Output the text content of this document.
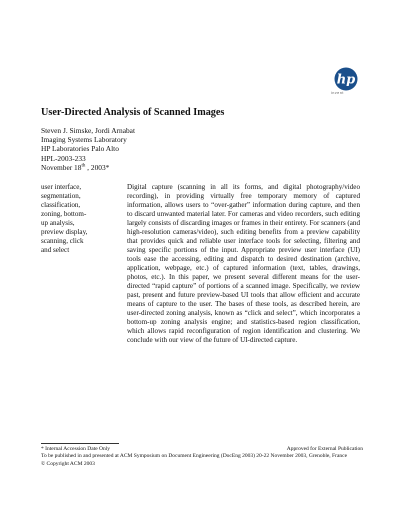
hp
invent
User-Directed Analysis of Scanned Images
Steven J. Simske, Jordi Arnabat
Imaging Systems Laboratory
HP Laboratories Palo Alto
HPL-2003-233
November 18th , 2003*
user interface,
segmentation,
classification,
zoning, bottom-
up analysis,
preview display,
scanning, click
and select
Digital capture (scanning in all its forms, and digital photography/video recording), in providing virtually free temporary memory of captured information, allows users to “over-gather” information during capture, and then to discard unwanted material later. For cameras and video recorders, such editing largely consists of discarding images or frames in their entirety. For scanners (and high-resolution cameras/video), such editing benefits from a preview capability that provides quick and reliable user interface tools for selecting, filtering and saving specific portions of the input. Appropriate preview user interface (UI) tools ease the accessing, editing and dispatch to desired destination (archive, application, webpage, etc.) of captured information (text, tables, drawings, photos, etc.). In this paper, we present several different means for the user-directed “rapid capture” of portions of a scanned image. Specifically, we review past, present and future preview-based UI tools that allow efficient and accurate means of capture to the user. The bases of these tools, as described herein, are user-directed zoning analysis, known as “click and select”, which incorporates a bottom-up zoning analysis engine; and statistics-based region classification, which allows rapid reconfiguration of region identification and clustering. We conclude with our view of the future of UI-directed capture.
* Internal Accession Date Only	Approved for External Publication
To be published in and presented at ACM Symposium on Document Engineering (DocEng 2003) 20-22 November 2003, Grenoble, France
© Copyright ACM 2003
